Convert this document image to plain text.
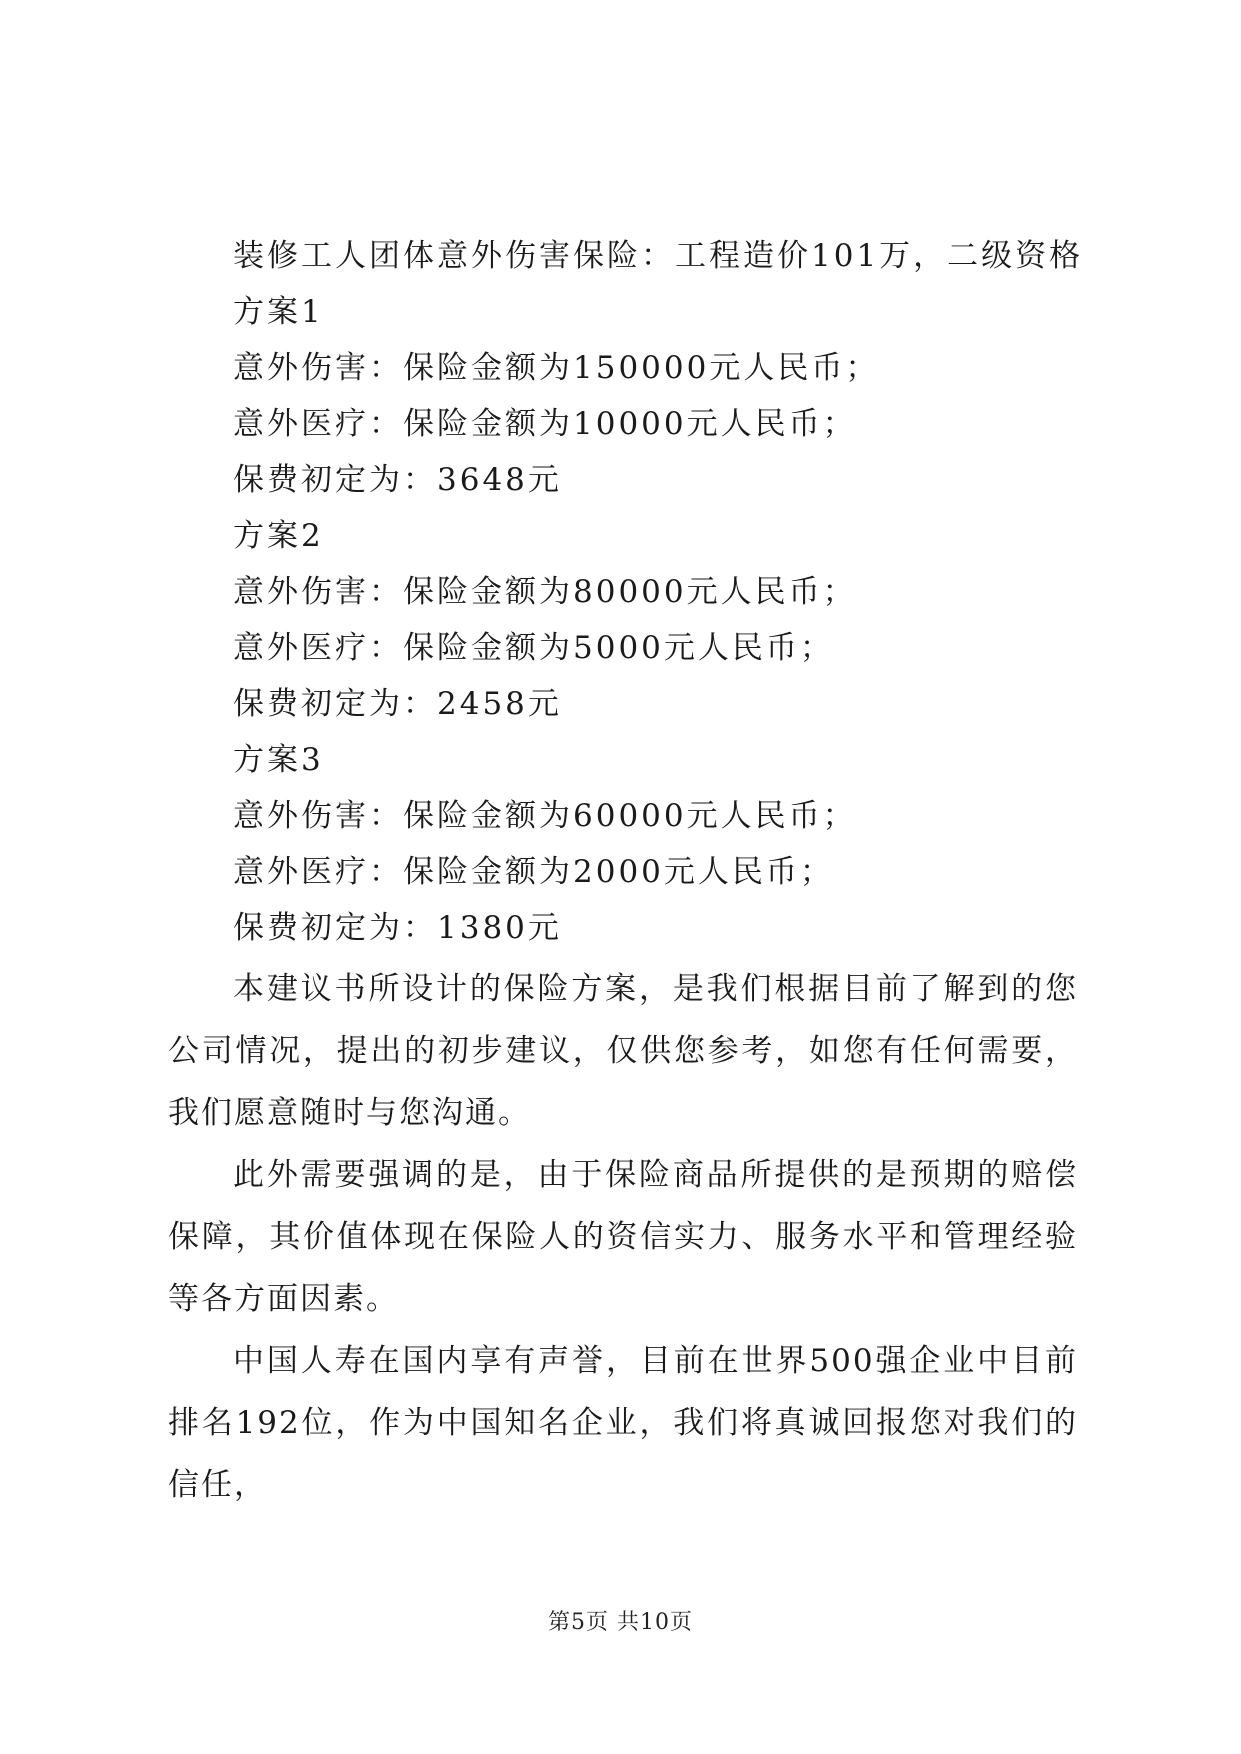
装修工人团体意外伤害保险：工程造价101万，二级资格
方案1
意外伤害：保险金额为150000元人民币；
意外医疗：保险金额为10000元人民币；
保费初定为：3648元
方案2
意外伤害：保险金额为80000元人民币；
意外医疗：保险金额为5000元人民币；
保费初定为：2458元
方案3
意外伤害：保险金额为60000元人民币；
意外医疗：保险金额为2000元人民币；
保费初定为：1380元
本建议书所设计的保险方案，是我们根据目前了解到的您公司情况，提出的初步建议，仅供您参考，如您有任何需要，我们愿意随时与您沟通。
此外需要强调的是，由于保险商品所提供的是预期的赔偿保障，其价值体现在保险人的资信实力、服务水平和管理经验等各方面因素。
中国人寿在国内享有声誉，目前在世界500强企业中目前排名192位，作为中国知名企业，我们将真诚回报您对我们的信任，
第5页 共10页
